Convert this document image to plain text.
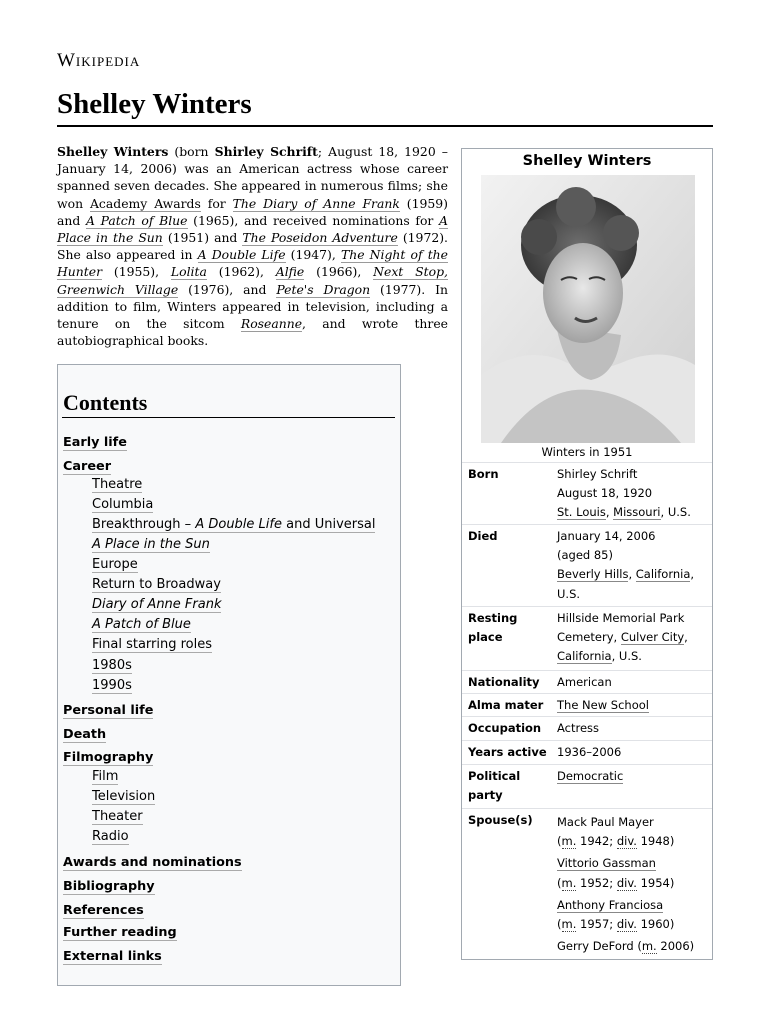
Wikipedia
Shelley Winters

Shelley Winters (born Shirley Schrift; August 18, 1920 – January 14, 2006) was an American actress whose career spanned seven decades. She appeared in numerous films; she won Academy Awards for The Diary of Anne Frank (1959) and A Patch of Blue (1965), and received nominations for A Place in the Sun (1951) and The Poseidon Adventure (1972). She also appeared in A Double Life (1947), The Night of the Hunter (1955), Lolita (1962), Alfie (1966), Next Stop, Greenwich Village (1976), and Pete's Dragon (1977). In addition to film, Winters appeared in television, including a tenure on the sitcom Roseanne, and wrote three autobiographical books.

Contents
Early life
Career
Theatre
Columbia
Breakthrough – A Double Life and Universal
A Place in the Sun
Europe
Return to Broadway
Diary of Anne Frank
A Patch of Blue
Final starring roles
1980s
1990s
Personal life
Death
Filmography
Film
Television
Theater
Radio
Awards and nominations
Bibliography
References
Further reading
External links
Shelley Winters
Winters in 1951
Born	Shirley Schrift
August 18, 1920
St. Louis, Missouri, U.S.
Died	January 14, 2006
(aged 85)
Beverly Hills, California,
U.S.
Resting
place
Hillside Memorial Park
Cemetery, Culver City,
California, U.S.
Nationality American
Alma mater The New School
Occupation Actress
Years active 1936–2006
Political
party
Democratic
Spouse(s) Mack Paul Mayer
(m. 1942; div. 1948)
Vittorio Gassman
(m. 1952; div. 1954)
Anthony Franciosa
(m. 1957; div. 1960)
Gerry DeFord (m. 2006)
